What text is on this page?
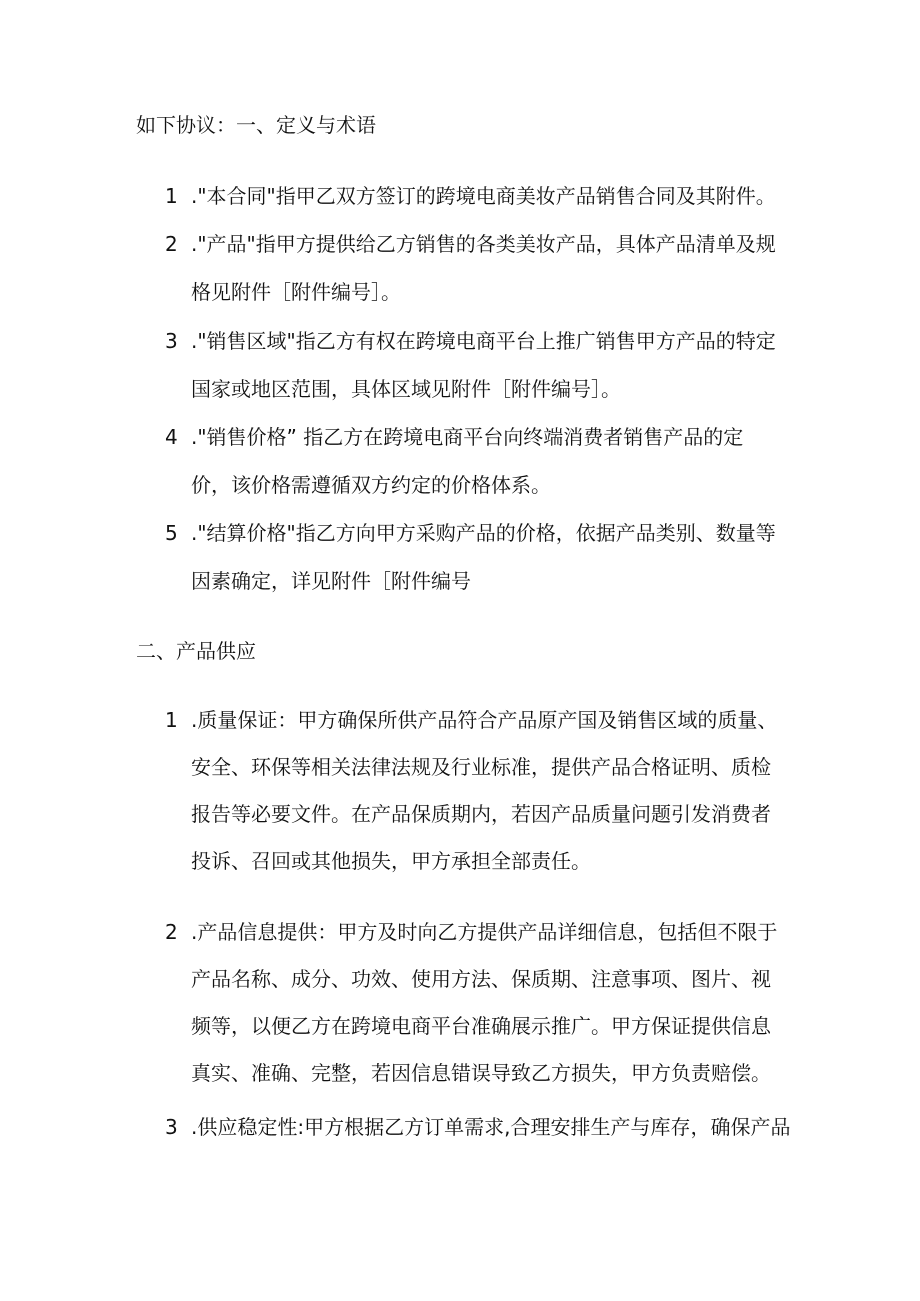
如下协议：一、定义与术语
1 ."本合同"指甲乙双方签订的跨境电商美妆产品销售合同及其附件。
2 ."产品"指甲方提供给乙方销售的各类美妆产品，具体产品清单及规
格见附件［附件编号］。
3 ."销售区域"指乙方有权在跨境电商平台上推广销售甲方产品的特定
国家或地区范围，具体区域见附件［附件编号］。
4 ."销售价格” 指乙方在跨境电商平台向终端消费者销售产品的定
价，该价格需遵循双方约定的价格体系。
5 ."结算价格"指乙方向甲方采购产品的价格，依据产品类别、数量等
因素确定，详见附件［附件编号
二、产品供应
1 .质量保证：甲方确保所供产品符合产品原产国及销售区域的质量、
安全、环保等相关法律法规及行业标准，提供产品合格证明、质检
报告等必要文件。在产品保质期内，若因产品质量问题引发消费者
投诉、召回或其他损失，甲方承担全部责任。
2 .产品信息提供：甲方及时向乙方提供产品详细信息，包括但不限于
产品名称、成分、功效、使用方法、保质期、注意事项、图片、视
频等，以便乙方在跨境电商平台准确展示推广。甲方保证提供信息
真实、准确、完整，若因信息错误导致乙方损失，甲方负责赔偿。
3 .供应稳定性:甲方根据乙方订单需求,合理安排生产与库存，确保产品
